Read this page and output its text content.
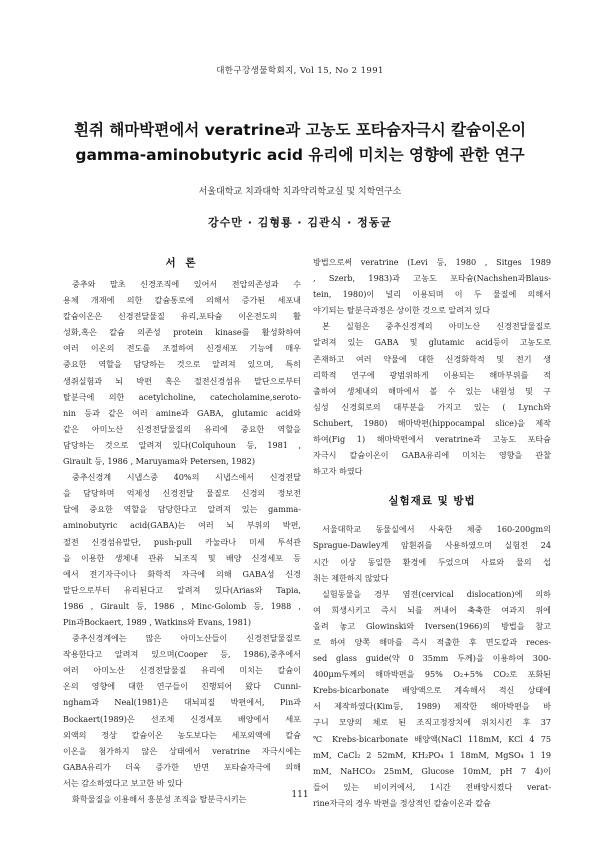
대한구강생물학회지, Vol 15, No 2 1991
흰쥐 해마박편에서 veratrine과 고농도 포타슘자극시 칼슘이온이
gamma-aminobutyric acid 유리에 미치는 영향에 관한 연구
서울대학교 치과대학 치과약리학교실 및 치학연구소
강수만 · 김형룡 · 김관식 · 정동균
서 론

중추와 말초 신경조직에 있어서 전압의존성과 수

용체 개재에 의한 칼슘통로에 의해서 증가된 세포내

칼슘이온은 신경전달물질 유리,포타슘 이온전도의 활

성화,혹은 칼슘 의존성 protein kinase를 활성화하여

여러 이온의 전도를 조절하여 신경세포 기능에 매우

중요한 역할을 담당하는 것으로 알려져 있으며, 특히

생쥐실험과 뇌 박편 혹은 절전신경섬유 말단으로부터

탈분극에 의한 acetylcholine, catecholamine,seroto-

nin 등과 같은 여러 amine과 GABA, glutamic acid와

같은 아미노산 신경전달물질의 유리에 중요한 역할을

담당하는 것으로 알려져 있다(Colquhoun 등, 1981 ,

Girault 등, 1986 , Maruyama와 Petersen, 1982)

중추신경계 시냅스중 40%의 시냅스에서 신경전달

을 담당하며 억제성 신경전달 물질로 신경의 정보전

달에 중요한 역할을 담당한다고 알려져 있는 gamma-

aminobutyric acid(GABA)는 여러 뇌 부위의 박편,

절전 신경섬유말단, push-pull 카눌라나 미세 투석관

을 이용한 생체내 관류 뇌조직 및 배양 신경세포 등

에서 전기자극이나 화학적 자극에 의해 GABA성 신경

말단으로부터 유리된다고 알려져 있다(Arias와 Tapia,

1986 , Girault 등, 1986 , Minc-Golomb 등, 1988 ,

Pin과Bockaert, 1989 , Watkins와 Evans, 1981)

중추신경계에는 많은 아미노산들이 신경전달물질로

작용한다고 알려져 있으며(Cooper 등, 1986),중추에서

여러 아미노산 신경전달물질 유리에 미치는 칼슘이

온의 영향에 대한 연구들이 진행되어 왔다 Cunni-

ngham과 Neal(1981)은 대뇌피질 박편에서, Pin과

Bockaert(1989)은 선조체 신경세포 배양에서 세포

외액의 정상 칼슘이온 농도보다는 세포외액에 칼슘

이온을 첨가하지 않은 상태에서 veratrine 자극시에는

GABA유리가 더욱 증가한 반면 포타슘자극에 의해

서는 감소하였다고 보고한 바 있다

화학물질을 이용해서 흥분성 조직을 탈분극시키는

방법으로써 veratrine (Levi 등, 1980 , Sitges 1989

, Szerb, 1983)과 고농도 포타슘(Nachshen과Blaus-

tein, 1980)이 널리 이용되며 이 두 물질에 의해서

야기되는 탈분극과정은 상이한 것으로 알려져 있다

본 실험은 중추신경계의 아미노산 신경전달물질로

알려져 있는 GABA 및 glutamic acid등이 고농도로

존재하고 여러 약물에 대한 신경화학적 및 전기 생

리학적 연구에 광범위하게 이용되는 해마부위를 적

출하여 생체내의 해마에서 볼 수 있는 내원성 및 구

심성 신경회로의 대부분을 가지고 있는 ( Lynch와

Schubert, 1980) 해마박편(hippocampal slice)을 제작

하여(Fig 1) 해마박편에서 veratrine과 고농도 포타슘

자극시 칼슘이온이 GABA유리에 미치는 영향을 관찰

하고자 하였다

실험재료 및 방법

서울대학교 동물실에서 사육한 체중 160-200gm의

Sprague-Dawley계 암흰쥐를 사용하였으며 실험전 24

시간 이상 동일한 환경에 두었으며 사료와 물의 섭

취는 제한하지 않았다

실험동물을 경부 염전(cervical dislocation)에 의하

여 희생시키고 즉시 뇌를 꺼내어 축축한 여과지 위에

올려 놓고 Glowinski와 Iversen(1966)의 방법을 참고

로 하여 양쪽 해마를 즉시 적출한 후 면도칼과 reces-

sed glass guide(약 0 35mm 두께)을 이용하여 300-

400μm두께의 해마박편을 95% O₂+5% CO₂로 포화된

Krebs-bicarbonate 배양액으로 계속해서 적신 상태에

서 제작하였다(Kim등, 1989) 제작한 해마박편을 바

구니 모양의 체로 된 조직고정장치에 위치시킨 후 37

℃ Krebs-bicarbonate 배양액(NaCl 118mM, KCl 4 75

mM, CaCl₂ 2 52mM, KH₂PO₄ 1 18mM, MgSO₄ 1 19

mM, NaHCO₃ 25mM, Glucose 10mM, pH 7 4)이

들어 있는 비이커에서, 1시간 전배양시켰다 verat-

rine자극의 경우 박편을 정상적인 칼슘이온과 칼슘

111
